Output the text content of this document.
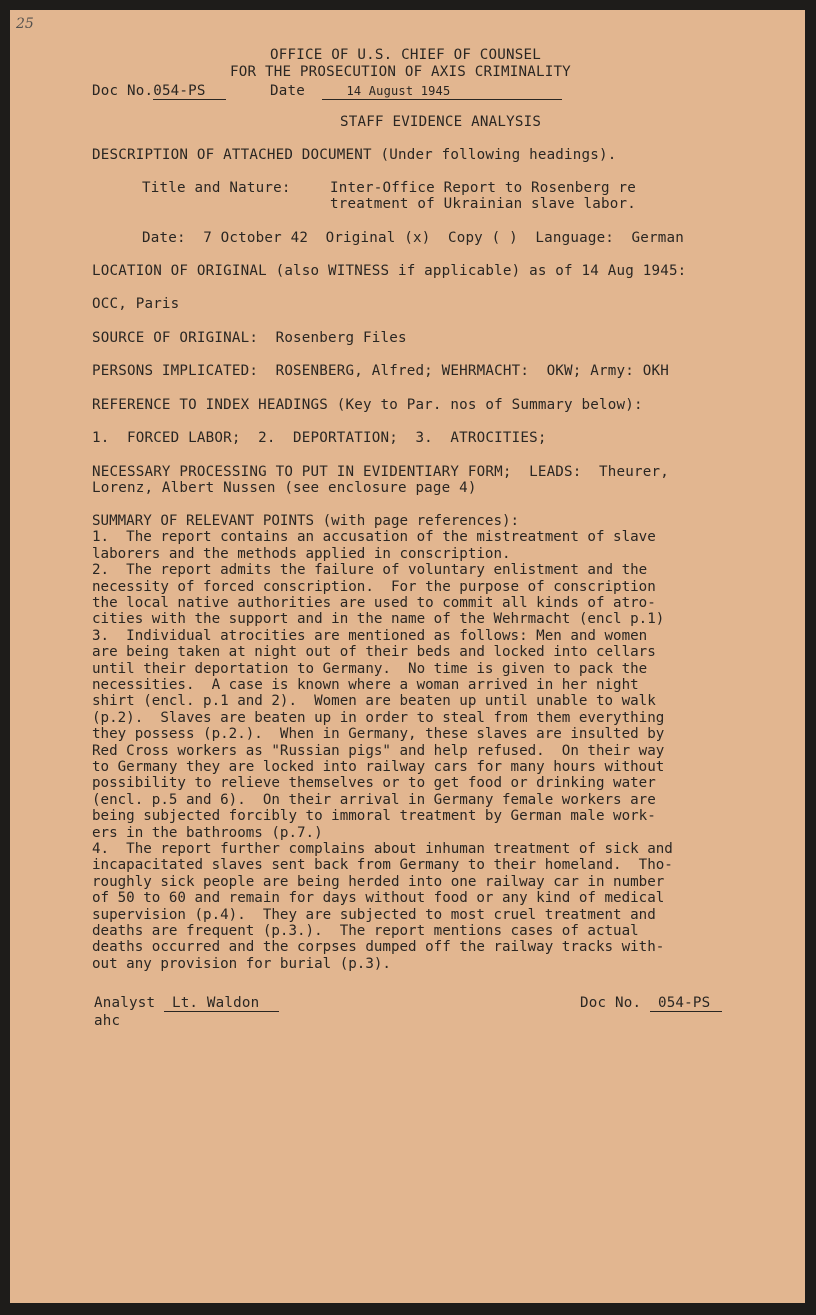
25
OFFICE OF U.S. CHIEF OF COUNSEL
FOR THE PROSECUTION OF AXIS CRIMINALITY
Doc No.054-PS	Date	14 August 1945
STAFF EVIDENCE ANALYSIS
DESCRIPTION OF ATTACHED DOCUMENT (Under following headings).
Title and Nature:	Inter-Office Report to Rosenberg re
treatment of Ukrainian slave labor.
Date:  7 October 42  Original (x)  Copy ( )  Language:  German
LOCATION OF ORIGINAL (also WITNESS if applicable) as of 14 Aug 1945:
OCC, Paris
SOURCE OF ORIGINAL:  Rosenberg Files
PERSONS IMPLICATED:  ROSENBERG, Alfred; WEHRMACHT:  OKW; Army: OKH
REFERENCE TO INDEX HEADINGS (Key to Par. nos of Summary below):
1.  FORCED LABOR;  2.  DEPORTATION;  3.  ATROCITIES;
NECESSARY PROCESSING TO PUT IN EVIDENTIARY FORM;  LEADS:  Theurer,
Lorenz, Albert Nussen (see enclosure page 4)
SUMMARY OF RELEVANT POINTS (with page references):
1.  The report contains an accusation of the mistreatment of slave
laborers and the methods applied in conscription.
2.  The report admits the failure of voluntary enlistment and the
necessity of forced conscription.  For the purpose of conscription
the local native authorities are used to commit all kinds of atro-
cities with the support and in the name of the Wehrmacht (encl p.1)
3.  Individual atrocities are mentioned as follows: Men and women
are being taken at night out of their beds and locked into cellars
until their deportation to Germany.  No time is given to pack the
necessities.  A case is known where a woman arrived in her night
shirt (encl. p.1 and 2).  Women are beaten up until unable to walk
(p.2).  Slaves are beaten up in order to steal from them everything
they possess (p.2.).  When in Germany, these slaves are insulted by
Red Cross workers as "Russian pigs" and help refused.  On their way
to Germany they are locked into railway cars for many hours without
possibility to relieve themselves or to get food or drinking water
(encl. p.5 and 6).  On their arrival in Germany female workers are
being subjected forcibly to immoral treatment by German male work-
ers in the bathrooms (p.7.)
4.  The report further complains about inhuman treatment of sick and
incapacitated slaves sent back from Germany to their homeland.  Tho-
roughly sick people are being herded into one railway car in number
of 50 to 60 and remain for days without food or any kind of medical
supervision (p.4).  They are subjected to most cruel treatment and
deaths are frequent (p.3.).  The report mentions cases of actual
deaths occurred and the corpses dumped off the railway tracks with-
out any provision for burial (p.3).
Analyst Lt. Waldon
ahc
Doc No. 054-PS
